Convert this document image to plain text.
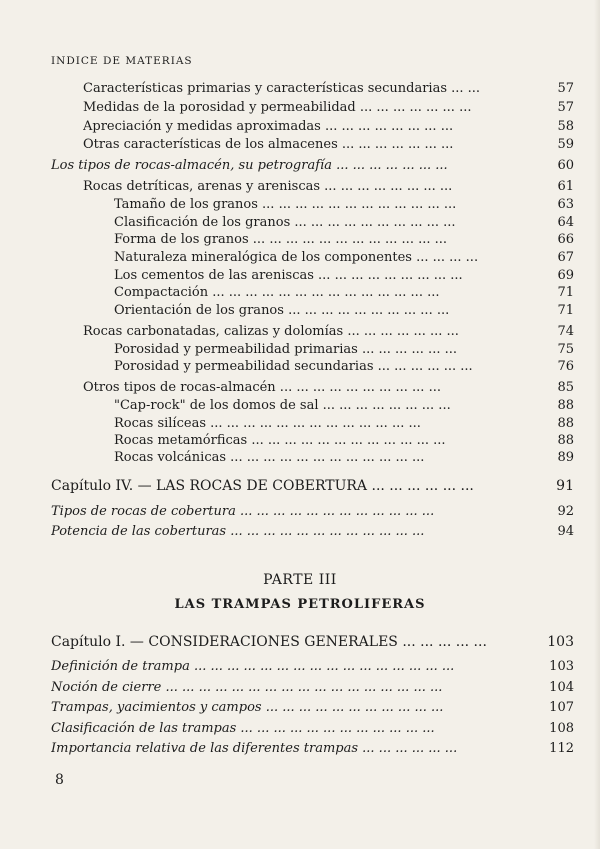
INDICE DE MATERIAS
Características primarias y características secundarias ... ...	57
Medidas de la porosidad y permeabilidad ... ... ... ... ... ... ...	57
Apreciación y medidas aproximadas ... ... ... ... ... ... ... ...	58
Otras características de los almacenes ... ... ... ... ... ... ...	59
Los tipos de rocas-almacén, su petrografía ... ... ... ... ... ... ...	60
Rocas detríticas, arenas y areniscas ... ... ... ... ... ... ... ...	61
Tamaño de los granos ... ... ... ... ... ... ... ... ... ... ... ...	63
Clasificación de los granos ... ... ... ... ... ... ... ... ... ...	64
Forma de los granos ... ... ... ... ... ... ... ... ... ... ... ...	66
Naturaleza mineralógica de los componentes ... ... ... ...	67
Los cementos de las areniscas ... ... ... ... ... ... ... ... ...	69
Compactación ... ... ... ... ... ... ... ... ... ... ... ... ... ...	71
Orientación de los granos ... ... ... ... ... ... ... ... ... ...	71
Rocas carbonatadas, calizas y dolomías ... ... ... ... ... ... ...	74
Porosidad y permeabilidad primarias ... ... ... ... ... ...	75
Porosidad y permeabilidad secundarias ... ... ... ... ... ...	76
Otros tipos de rocas-almacén ... ... ... ... ... ... ... ... ... ...	85
"Cap-rock" de los domos de sal ... ... ... ... ... ... ... ...	88
Rocas silíceas ... ... ... ... ... ... ... ... ... ... ... ... ...	88
Rocas metamórficas ... ... ... ... ... ... ... ... ... ... ... ...	88
Rocas volcánicas ... ... ... ... ... ... ... ... ... ... ... ...	89
Capítulo IV. — LAS ROCAS DE COBERTURA ... ... ... ... ... ...	91
Tipos de rocas de cobertura ... ... ... ... ... ... ... ... ... ... ... ...	92
Potencia de las coberturas ... ... ... ... ... ... ... ... ... ... ... ...	94
PARTE III
LAS TRAMPAS PETROLIFERAS
Capítulo I. — CONSIDERACIONES GENERALES ... ... ... ... ...	103
Definición de trampa ... ... ... ... ... ... ... ... ... ... ... ... ... ... ... ...	103
Noción de cierre ... ... ... ... ... ... ... ... ... ... ... ... ... ... ... ... ...	104
Trampas, yacimientos y campos ... ... ... ... ... ... ... ... ... ... ...	107
Clasificación de las trampas ... ... ... ... ... ... ... ... ... ... ... ...	108
Importancia relativa de las diferentes trampas ... ... ... ... ... ...	112
8
